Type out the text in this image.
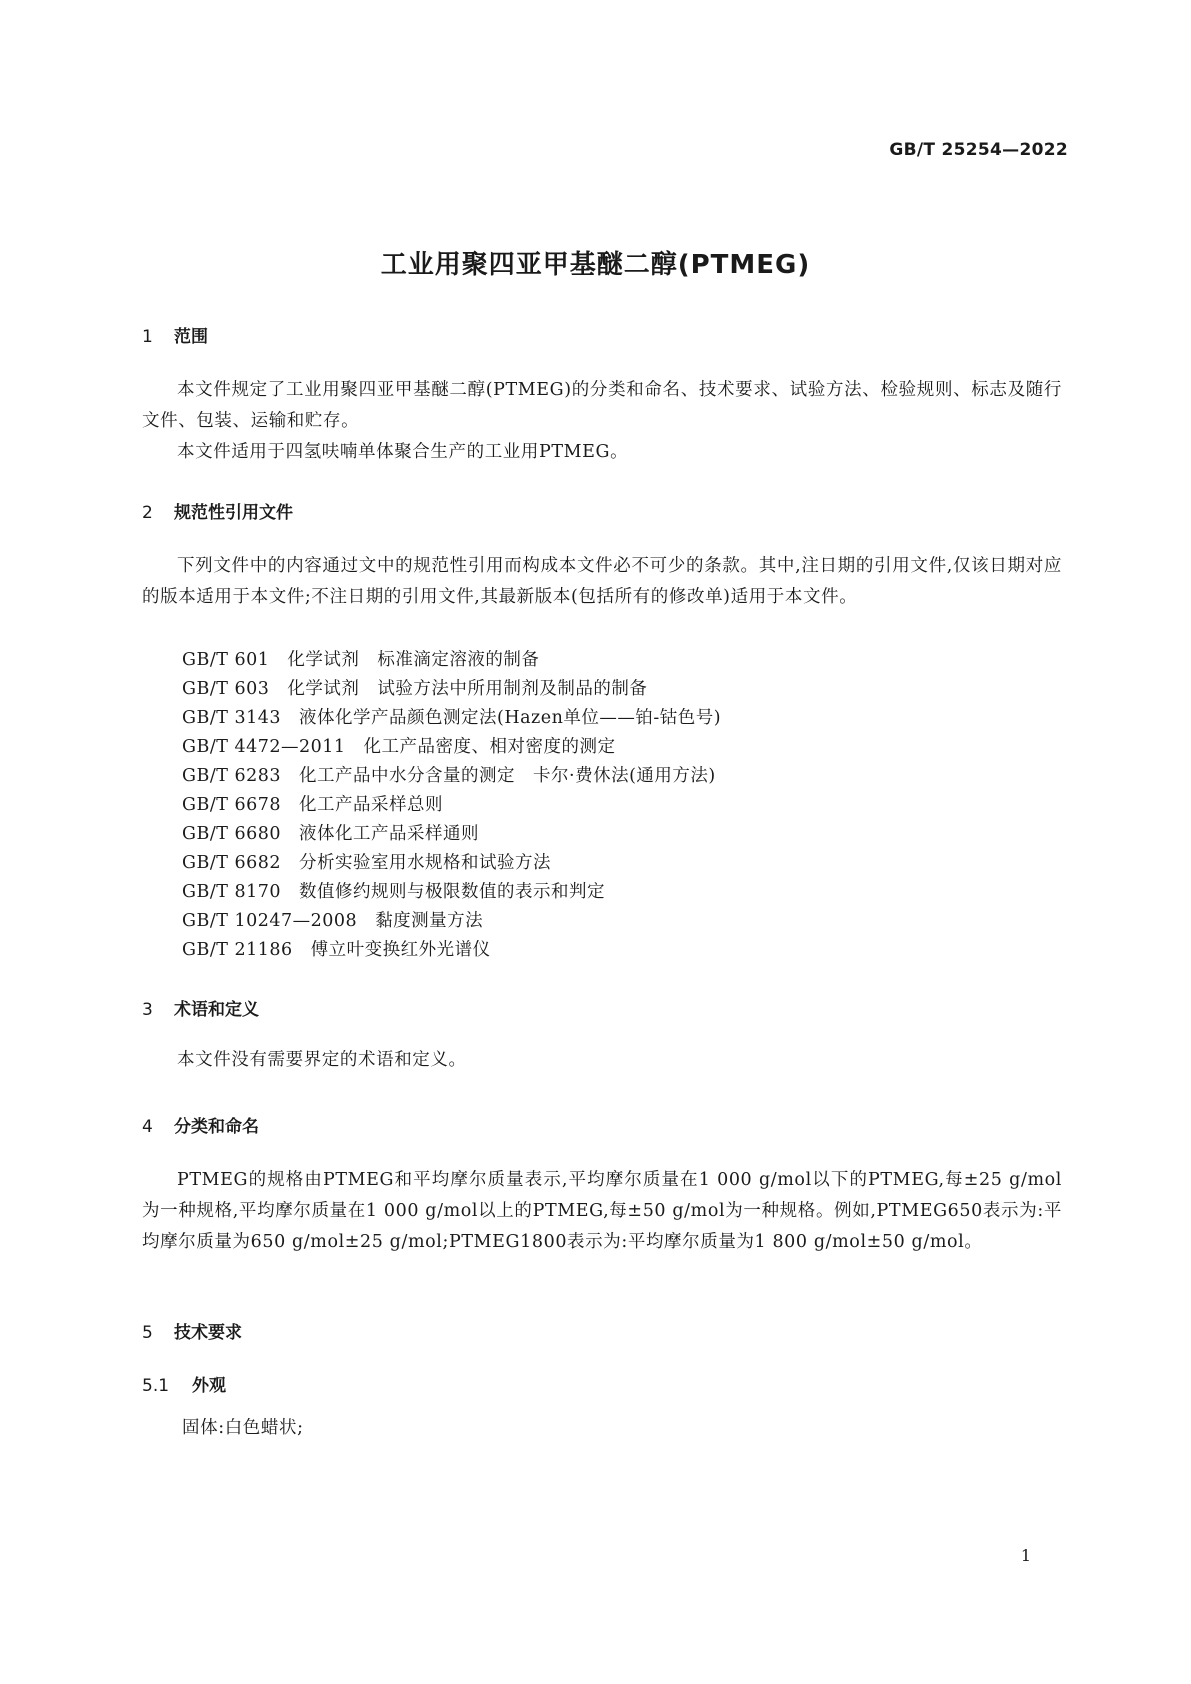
GB/T 25254—2022
工业用聚四亚甲基醚二醇(PTMEG)
1 范围
本文件规定了工业用聚四亚甲基醚二醇(PTMEG)的分类和命名、技术要求、试验方法、检验规则、标志及随行文件、包装、运输和贮存。
本文件适用于四氢呋喃单体聚合生产的工业用PTMEG。
2 规范性引用文件
下列文件中的内容通过文中的规范性引用而构成本文件必不可少的条款。其中,注日期的引用文件,仅该日期对应的版本适用于本文件;不注日期的引用文件,其最新版本(包括所有的修改单)适用于本文件。
GB/T 601 化学试剂　标准滴定溶液的制备
GB/T 603 化学试剂　试验方法中所用制剂及制品的制备
GB/T 3143 液体化学产品颜色测定法(Hazen单位——铂-钴色号)
GB/T 4472—2011 化工产品密度、相对密度的测定
GB/T 6283 化工产品中水分含量的测定　卡尔·费休法(通用方法)
GB/T 6678 化工产品采样总则
GB/T 6680 液体化工产品采样通则
GB/T 6682 分析实验室用水规格和试验方法
GB/T 8170 数值修约规则与极限数值的表示和判定
GB/T 10247—2008 黏度测量方法
GB/T 21186 傅立叶变换红外光谱仪
3 术语和定义
本文件没有需要界定的术语和定义。
4 分类和命名
PTMEG的规格由PTMEG和平均摩尔质量表示,平均摩尔质量在1 000 g/mol以下的PTMEG,每±25 g/mol为一种规格,平均摩尔质量在1 000 g/mol以上的PTMEG,每±50 g/mol为一种规格。例如,PTMEG650表示为:平均摩尔质量为650 g/mol±25 g/mol;PTMEG1800表示为:平均摩尔质量为1 800 g/mol±50 g/mol。
5 技术要求
5.1 外观
固体:白色蜡状;
1
